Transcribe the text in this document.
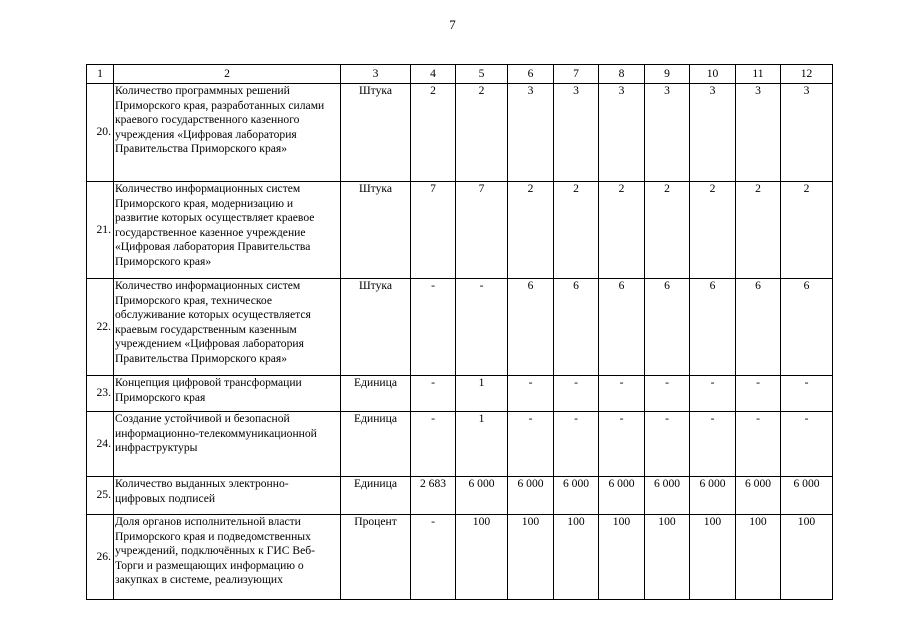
7
1	2	3	4	5	6	7	8	9	10	11	12
20.	Количество программных решений Приморского края, разработанных силами краевого государственного казенного учреждения «Цифровая лаборатория Правительства Приморского края»	Штука	2	2	3	3	3	3	3	3	3
21.	Количество информационных систем Приморского края, модернизацию и развитие которых осуществляет краевое государственное казенное учреждение «Цифровая лаборатория Правительства Приморского края»	Штука	7	7	2	2	2	2	2	2	2
22.	Количество информационных систем Приморского края, техническое обслуживание которых осуществляется краевым государственным казенным учреждением «Цифровая лаборатория Правительства Приморского края»	Штука	-	-	6	6	6	6	6	6	6
23.	Концепция цифровой трансформации Приморского края	Единица	-	1	-	-	-	-	-	-	-
24.	Создание устойчивой и безопасной информационно-телекоммуникационной инфраструктуры	Единица	-	1	-	-	-	-	-	-	-
25.	Количество выданных электронно-цифровых подписей	Единица	2 683	6 000	6 000	6 000	6 000	6 000	6 000	6 000	6 000
26.	Доля органов исполнительной власти Приморского края и подведомственных учреждений, подключённых к ГИС Веб-Торги и размещающих информацию о закупках в системе, реализующих	Процент	-	100	100	100	100	100	100	100	100
